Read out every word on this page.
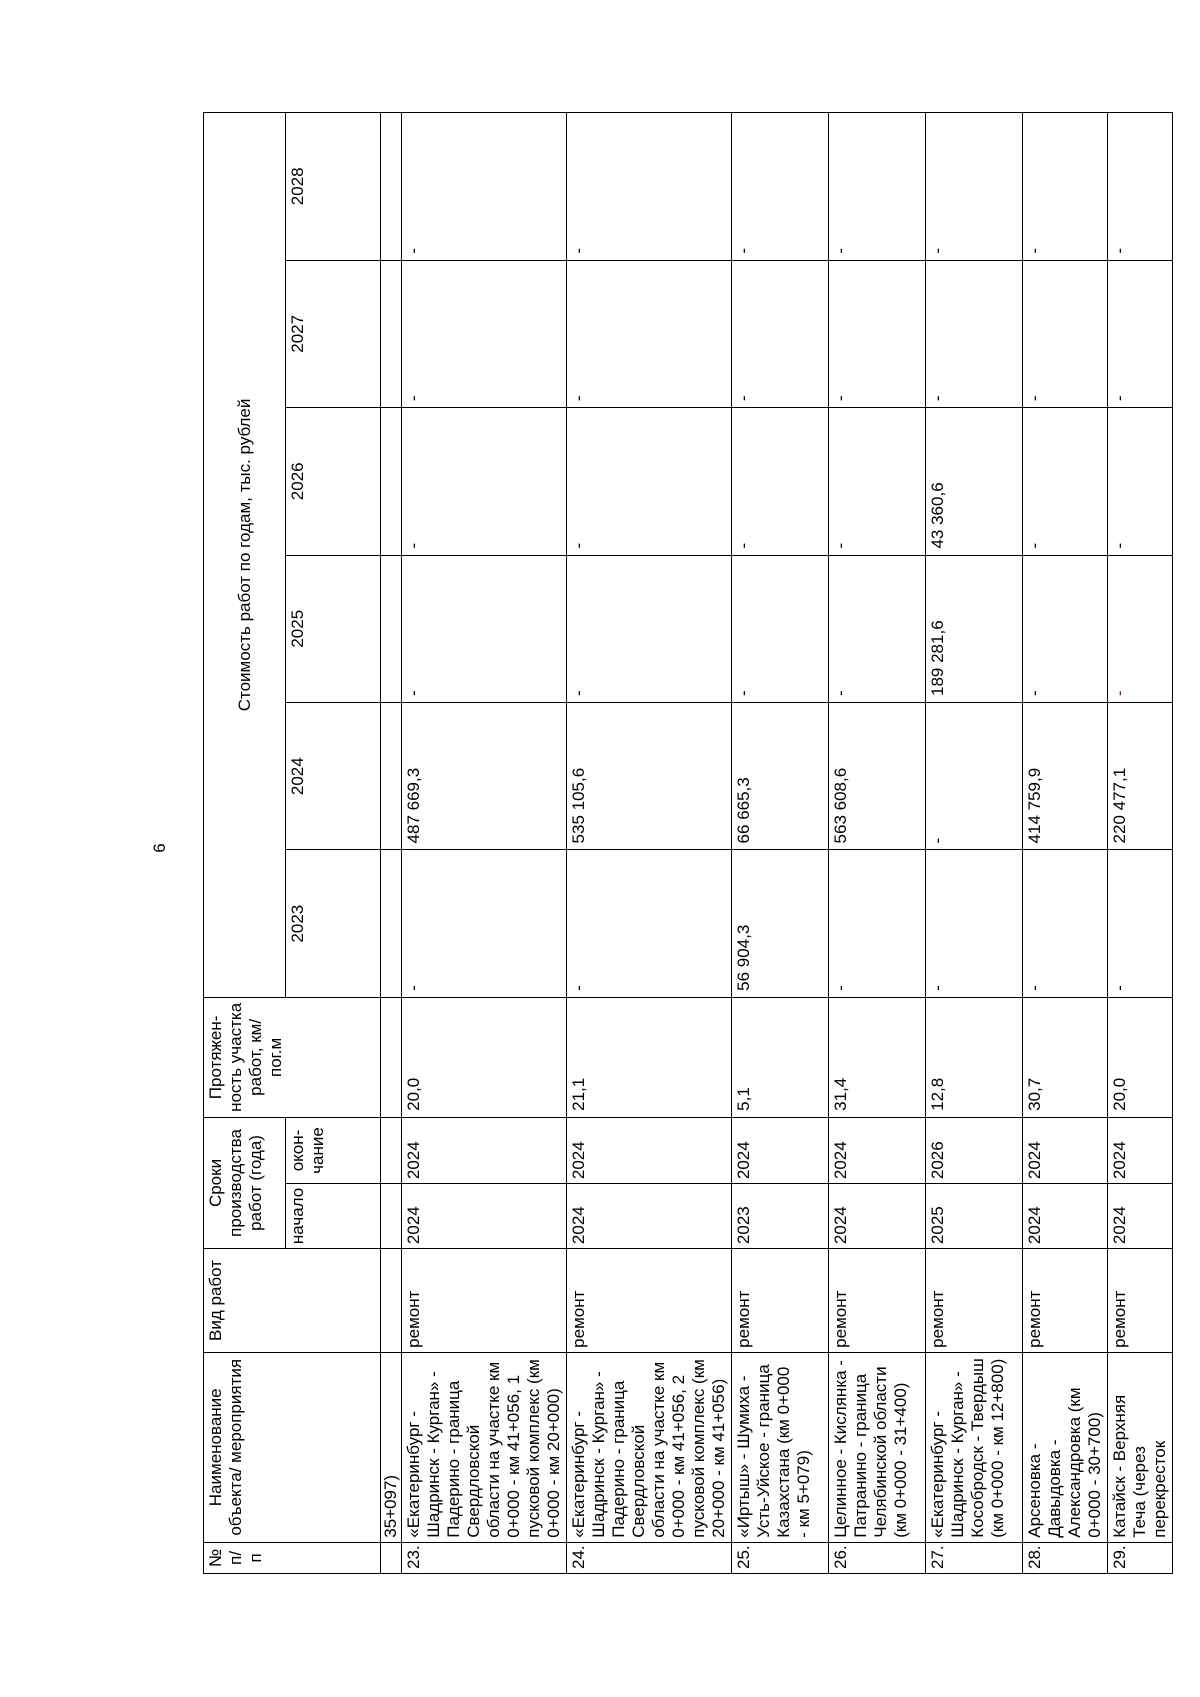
6
№ п/п	Наименование объекта/ мероприятия	Вид работ	Сроки производства работ (года)		Протяжен-ность участка работ, км/пог.м	Стоимость работ по годам, тыс. рублей					
			начало	окон-чание		2023	2024	2025	2026	2027	2028
	35+097)										
23.	«Екатеринбург - Шадринск - Курган» - Падерино - граница Свердловской области на участке км 0+000 - км 41+056, 1 пусковой комплекс (км 0+000 - км 20+000)	ремонт	2024	2024	20,0	-	487 669,3	-	-	-	-
24.	«Екатеринбург - Шадринск - Курган» - Падерино - граница Свердловской области на участке км 0+000 - км 41+056, 2 пусковой комплекс (км 20+000 - км 41+056)	ремонт	2024	2024	21,1	-	535 105,6	-	-	-	-
25.	«Иртыш» - Шумиха - Усть-Уйское - граница Казахстана (км 0+000 - км 5+079)	ремонт	2023	2024	5,1	56 904,3	66 665,3	-	-	-	-
26.	Целинное - Кислянка - Патранино - граница Челябинской области (км 0+000 - 31+400)	ремонт	2024	2024	31,4	-	563 608,6	-	-	-	-
27.	«Екатеринбург - Шадринск - Курган» - Кособродск - Твердыш (км 0+000 - км 12+800)	ремонт	2025	2026	12,8	-	-	189 281,6	43 360,6	-	-
28.	Арсеновка - Давыдовка - Александровка (км 0+000 - 30+700)	ремонт	2024	2024	30,7	-	414 759,9	-	-	-	-
29.	Катайск - Верхняя Теча (через перекресток	ремонт	2024	2024	20,0	-	220 477,1	-	-	-	-
